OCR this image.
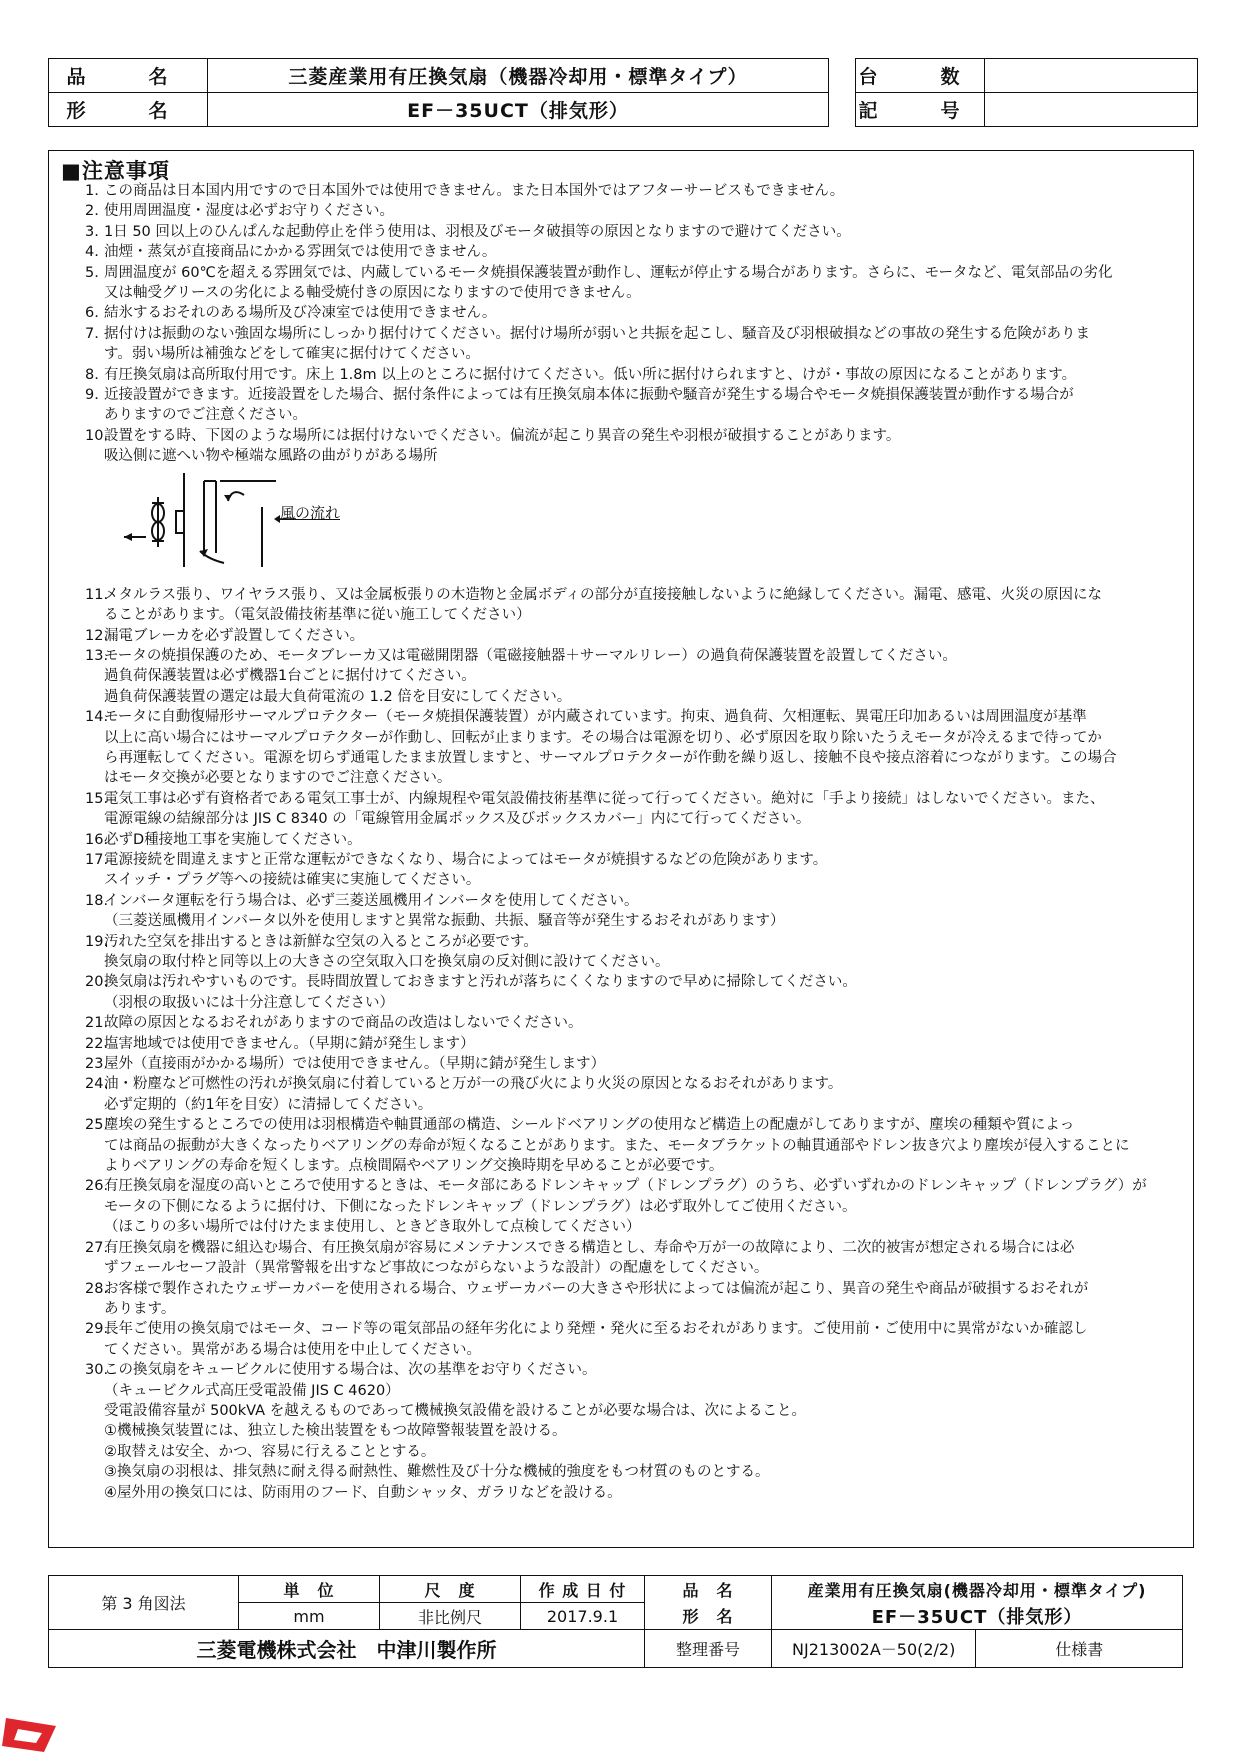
品　名	三菱産業用有圧換気扇（機器冷却用・標準タイプ）		台　数	
形　名	EF－35UCT（排気形）		記　号	
■注意事項
1. この商品は日本国内用ですので日本国外では使用できません。また日本国外ではアフターサービスもできません。
2. 使用周囲温度・湿度は必ずお守りください。
3. 1日 50 回以上のひんぱんな起動停止を伴う使用は、羽根及びモータ破損等の原因となりますので避けてください。
4. 油煙・蒸気が直接商品にかかる雰囲気では使用できません。
5. 周囲温度が 60℃を超える雰囲気では、内蔵しているモータ焼損保護装置が動作し、運転が停止する場合があります。さらに、モータなど、電気部品の劣化
又は軸受グリースの劣化による軸受焼付きの原因になりますので使用できません。
6. 結氷するおそれのある場所及び冷凍室では使用できません。
7. 据付けは振動のない強固な場所にしっかり据付けてください。据付け場所が弱いと共振を起こし、騒音及び羽根破損などの事故の発生する危険がありま
す。弱い場所は補強などをして確実に据付けてください。
8. 有圧換気扇は高所取付用です。床上 1.8m 以上のところに据付けてください。低い所に据付けられますと、けが・事故の原因になることがあります。
9. 近接設置ができます。近接設置をした場合、据付条件によっては有圧換気扇本体に振動や騒音が発生する場合やモータ焼損保護装置が動作する場合が
ありますのでご注意ください。
10.
設置をする時、下図のような場所には据付けないでください。偏流が起こり異音の発生や羽根が破損することがあります。
吸込側に遮へい物や極端な風路の曲がりがある場所
風の流れ
11.
メタルラス張り、ワイヤラス張り、又は金属板張りの木造物と金属ボディの部分が直接接触しないように絶縁してください。漏電、感電、火災の原因にな
ることがあります。（電気設備技術基準に従い施工してください）
12.
漏電ブレーカを必ず設置してください。
13.
モータの焼損保護のため、モータブレーカ又は電磁開閉器（電磁接触器＋サーマルリレー）の過負荷保護装置を設置してください。
過負荷保護装置は必ず機器1台ごとに据付けてください。
過負荷保護装置の選定は最大負荷電流の 1.2 倍を目安にしてください。
14.
モータに自動復帰形サーマルプロテクター（モータ焼損保護装置）が内蔵されています。拘束、過負荷、欠相運転、異電圧印加あるいは周囲温度が基準
以上に高い場合にはサーマルプロテクターが作動し、回転が止まります。その場合は電源を切り、必ず原因を取り除いたうえモータが冷えるまで待ってか
ら再運転してください。電源を切らず通電したまま放置しますと、サーマルプロテクターが作動を繰り返し、接触不良や接点溶着につながります。この場合
はモータ交換が必要となりますのでご注意ください。
15.
電気工事は必ず有資格者である電気工事士が、内線規程や電気設備技術基準に従って行ってください。絶対に「手より接続」はしないでください。また、
電源電線の結線部分は JIS C 8340 の「電線管用金属ボックス及びボックスカバー」内にて行ってください。
16.
必ずD種接地工事を実施してください。
17.
電源接続を間違えますと正常な運転ができなくなり、場合によってはモータが焼損するなどの危険があります。
スイッチ・プラグ等への接続は確実に実施してください。
18.
インバータ運転を行う場合は、必ず三菱送風機用インバータを使用してください。
（三菱送風機用インバータ以外を使用しますと異常な振動、共振、騒音等が発生するおそれがあります）
19.
汚れた空気を排出するときは新鮮な空気の入るところが必要です。
換気扇の取付枠と同等以上の大きさの空気取入口を換気扇の反対側に設けてください。
20.
換気扇は汚れやすいものです。長時間放置しておきますと汚れが落ちにくくなりますので早めに掃除してください。
（羽根の取扱いには十分注意してください）
21.
故障の原因となるおそれがありますので商品の改造はしないでください。
22.
塩害地域では使用できません。（早期に錆が発生します）
23.
屋外（直接雨がかかる場所）では使用できません。（早期に錆が発生します）
24.
油・粉塵など可燃性の汚れが換気扇に付着していると万が一の飛び火により火災の原因となるおそれがあります。
必ず定期的（約1年を目安）に清掃してください。
25.
塵埃の発生するところでの使用は羽根構造や軸貫通部の構造、シールドベアリングの使用など構造上の配慮がしてありますが、塵埃の種類や質によっ
ては商品の振動が大きくなったりベアリングの寿命が短くなることがあります。また、モータブラケットの軸貫通部やドレン抜き穴より塵埃が侵入することに
よりベアリングの寿命を短くします。点検間隔やベアリング交換時期を早めることが必要です。
26.
有圧換気扇を湿度の高いところで使用するときは、モータ部にあるドレンキャップ（ドレンプラグ）のうち、必ずいずれかのドレンキャップ（ドレンプラグ）が
モータの下側になるように据付け、下側になったドレンキャップ（ドレンプラグ）は必ず取外してご使用ください。
（ほこりの多い場所では付けたまま使用し、ときどき取外して点検してください）
27.
有圧換気扇を機器に組込む場合、有圧換気扇が容易にメンテナンスできる構造とし、寿命や万が一の故障により、二次的被害が想定される場合には必
ずフェールセーフ設計（異常警報を出すなど事故につながらないような設計）の配慮をしてください。
28.
お客様で製作されたウェザーカバーを使用される場合、ウェザーカバーの大きさや形状によっては偏流が起こり、異音の発生や商品が破損するおそれが
あります。
29.
長年ご使用の換気扇ではモータ、コード等の電気部品の経年劣化により発煙・発火に至るおそれがあります。ご使用前・ご使用中に異常がないか確認し
てください。異常がある場合は使用を中止してください。
30.
この換気扇をキュービクルに使用する場合は、次の基準をお守りください。
（キュービクル式高圧受電設備 JIS C 4620）
受電設備容量が 500kVA を越えるものであって機械換気設備を設けることが必要な場合は、次によること。
①機械換気装置には、独立した検出装置をもつ故障警報装置を設ける。
②取替えは安全、かつ、容易に行えることとする。
③換気扇の羽根は、排気熱に耐え得る耐熱性、難燃性及び十分な機械的強度をもつ材質のものとする。
④屋外用の換気口には、防雨用のフード、自動シャッタ、ガラリなどを設ける。
第 3 角図法	単　位	尺　度	作 成 日 付	品　名	産業用有圧換気扇(機器冷却用・標準タイプ)	
	mm	非比例尺	2017.9.1	形　名	EF－35UCT（排気形）	
三菱電機株式会社　中津川製作所				整理番号	NJ213002A－50(2/2)	仕様書
